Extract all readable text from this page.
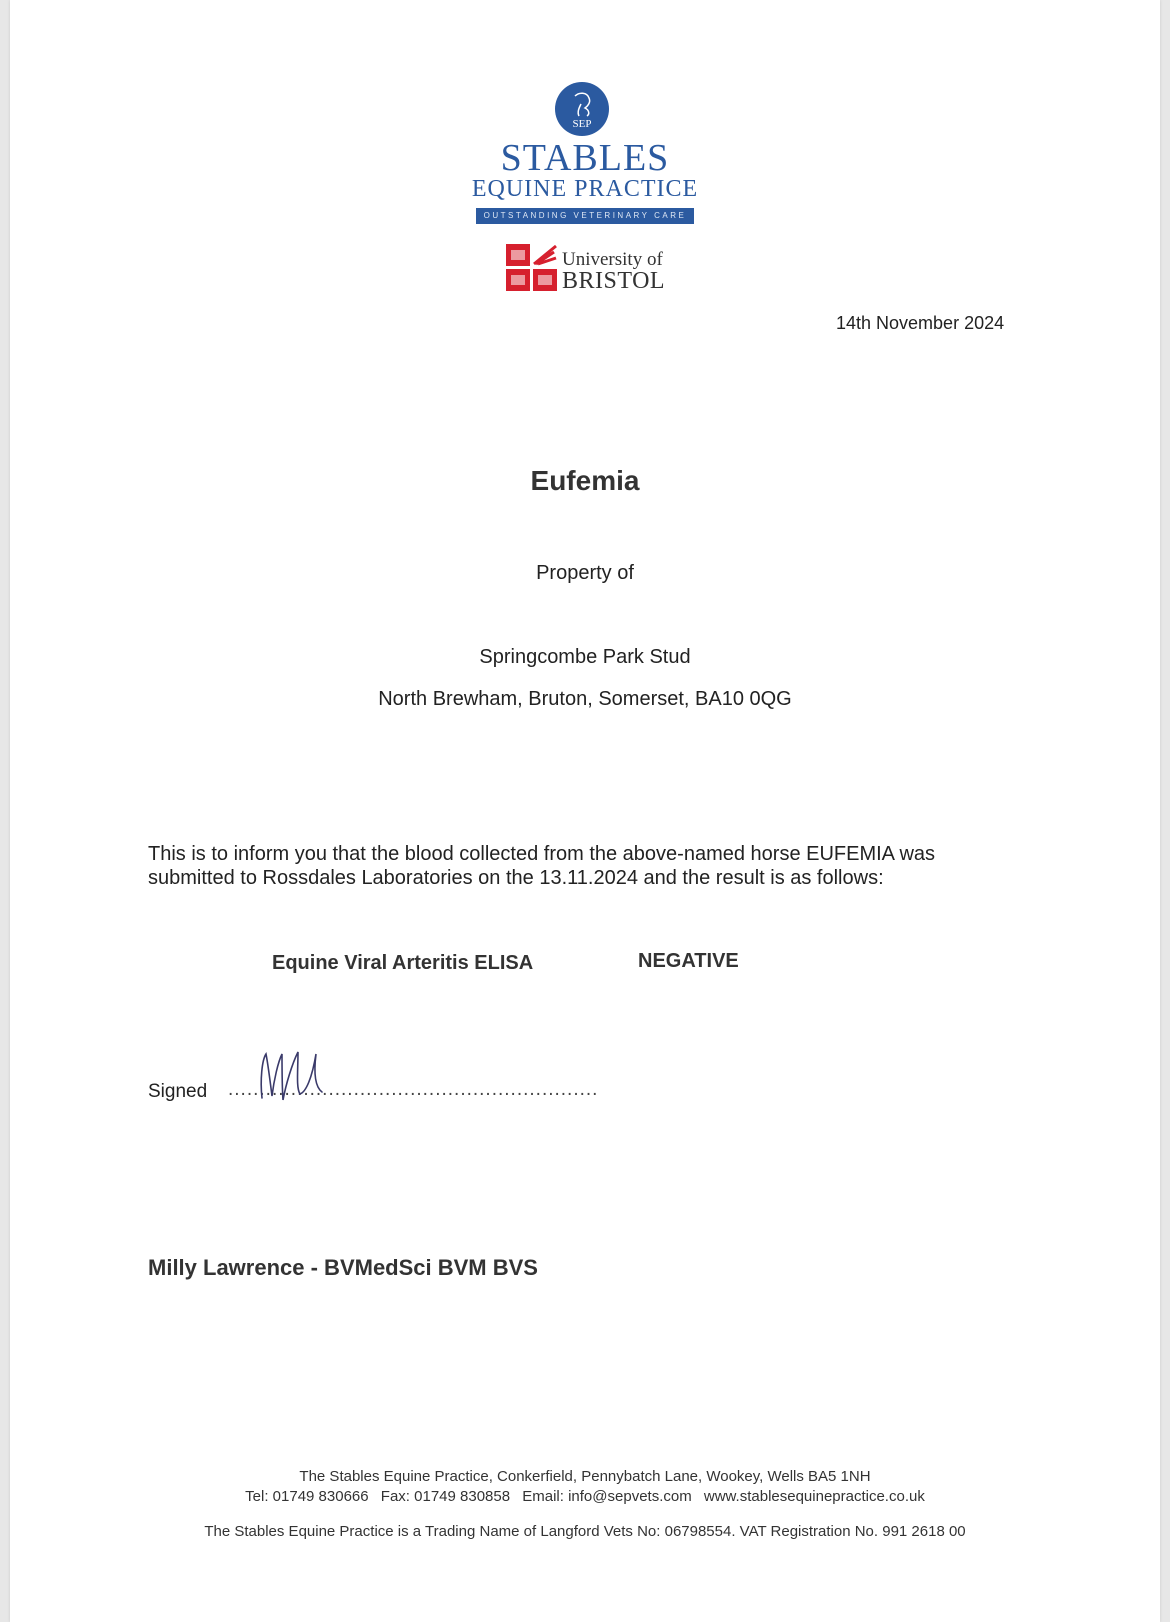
SEP
STABLES
EQUINE PRACTICE
OUTSTANDING VETERINARY CARE
University of
BRISTOL
14th November 2024
Eufemia
Property of
Springcombe Park Stud
North Brewham, Bruton, Somerset, BA10 0QG

This is to inform you that the blood collected from the above-named horse EUFEMIA was

submitted to Rossdales Laboratories on the 13.11.2024 and the result is as follows:

Equine Viral Arteritis ELISA	NEGATIVE
Signed ...........................................................
Milly Lawrence - BVMedSci BVM BVS
The Stables Equine Practice, Conkerfield, Pennybatch Lane, Wookey, Wells BA5 1NH
Tel: 01749 830666 Fax: 01749 830858 Email: info@sepvets.com www.stablesequinepractice.co.uk
The Stables Equine Practice is a Trading Name of Langford Vets No: 06798554. VAT Registration No. 991 2618 00
